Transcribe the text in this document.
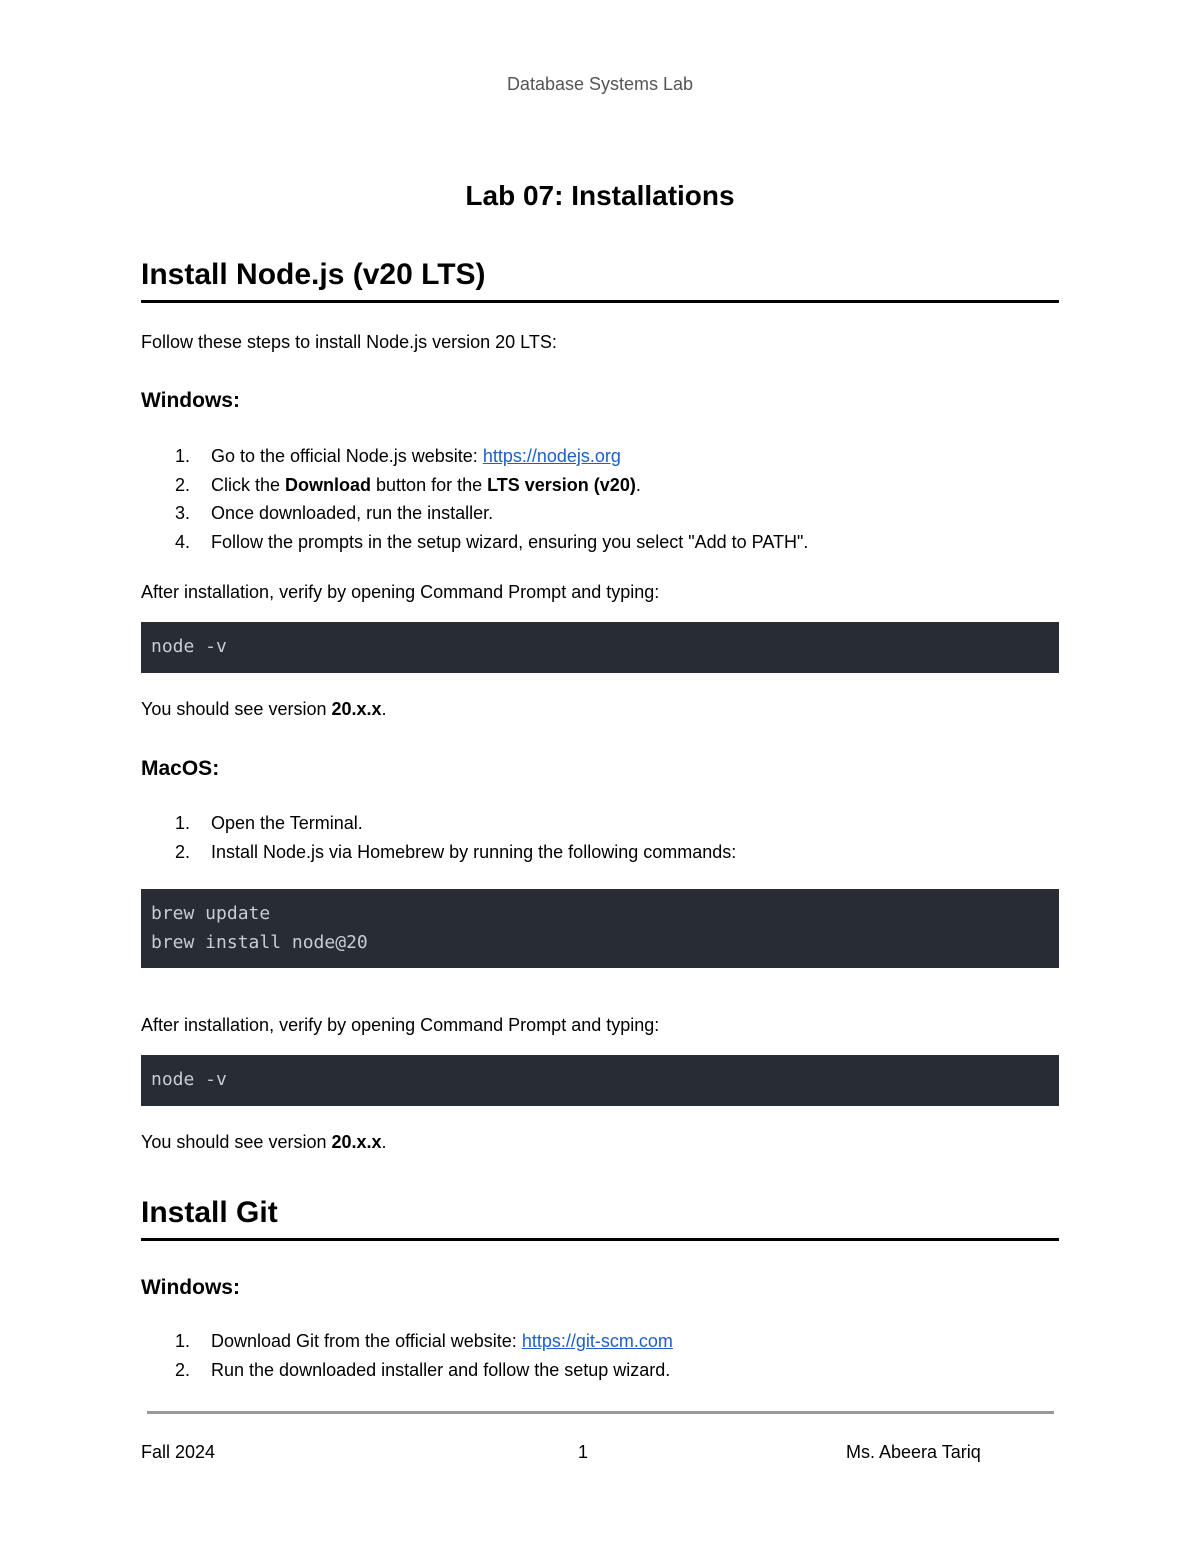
Database Systems Lab
Lab 07: Installations
Install Node.js (v20 LTS)

Follow these steps to install Node.js version 20 LTS:

Windows:
1. Go to the official Node.js website: https://nodejs.org
2. Click the Download button for the LTS version (v20).
3. Once downloaded, run the installer.
4. Follow the prompts in the setup wizard, ensuring you select "Add to PATH".

After installation, verify by opening Command Prompt and typing:

node -v

You should see version 20.x.x.

MacOS:
1. Open the Terminal.
2. Install Node.js via Homebrew by running the following commands:
brew update
brew install node@20

After installation, verify by opening Command Prompt and typing:

node -v

You should see version 20.x.x.

Install Git
Windows:
1. Download Git from the official website: https://git-scm.com
2. Run the downloaded installer and follow the setup wizard.
Fall 2024	1	Ms. Abeera Tariq
